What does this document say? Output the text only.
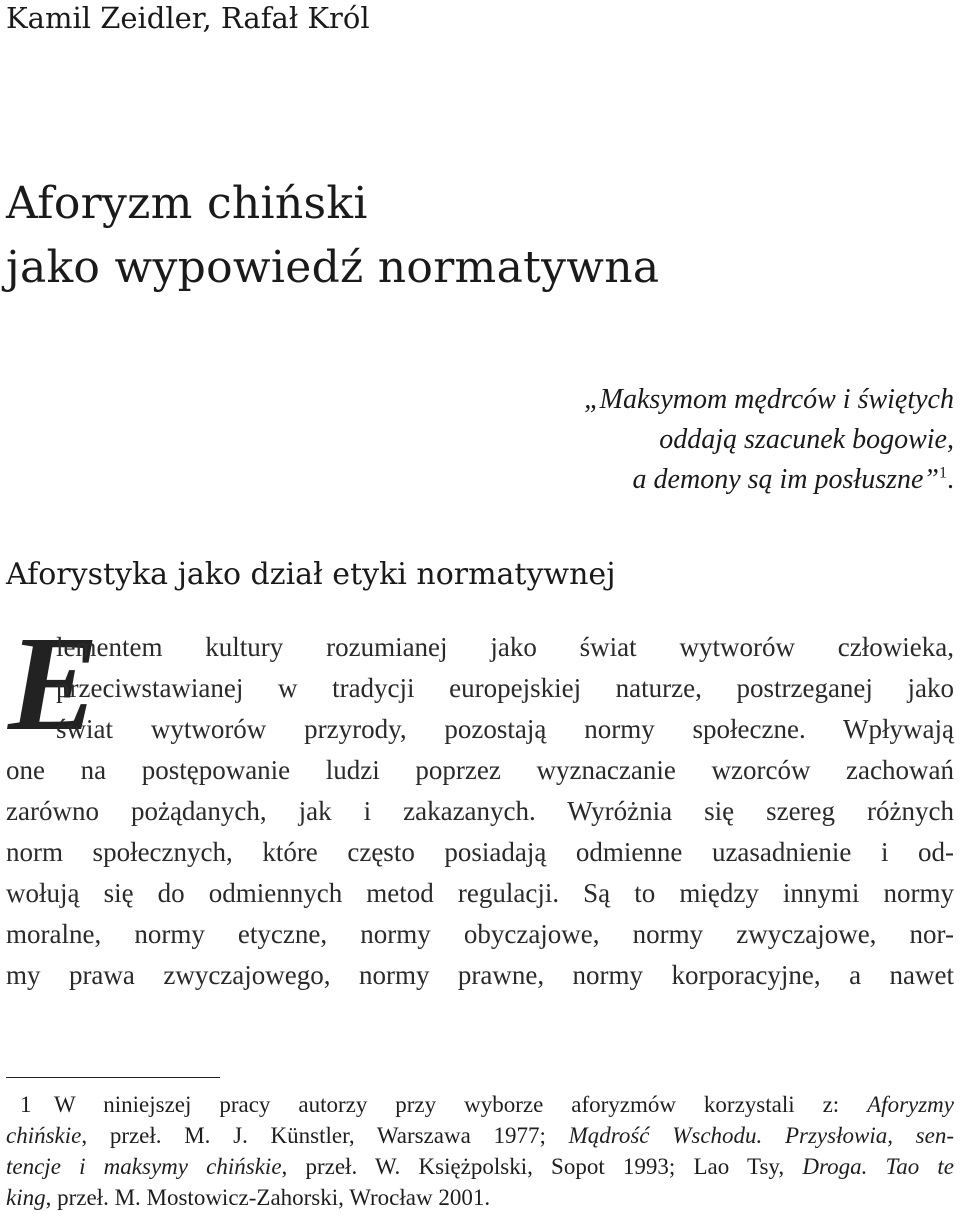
Kamil Zeidler, Rafał Król
Aforyzm chiński
jako wypowiedź normatywna
„Maksymom mędrców i świętych
oddają szacunek bogowie,
a demony są im posłuszne”$^1$.
Aforystyka jako dział etyki normatywnej
E
lementem kultury rozumianej jako świat wytworów człowieka,
przeciwstawianej w tradycji europejskiej naturze, postrzeganej jako
świat wytworów przyrody, pozostają normy społeczne. Wpływają
one na postępowanie ludzi poprzez wyznaczanie wzorców zachowań
zarówno pożądanych, jak i zakazanych. Wyróżnia się szereg różnych
norm społecznych, które często posiadają odmienne uzasadnienie i od-
wołują się do odmiennych metod regulacji. Są to między innymi normy
moralne, normy etyczne, normy obyczajowe, normy zwyczajowe, nor-
my prawa zwyczajowego, normy prawne, normy korporacyjne, a nawet
1 W niniejszej pracy autorzy przy wyborze aforyzmów korzystali z: Aforyzmy
chińskie, przeł. M. J. Künstler, Warszawa 1977; Mądrość Wschodu. Przysłowia, sen-
tencje i maksymy chińskie, przeł. W. Księżpolski, Sopot 1993; Lao Tsy, Droga. Tao te
king, przeł. M. Mostowicz-Zahorski, Wrocław 2001.
